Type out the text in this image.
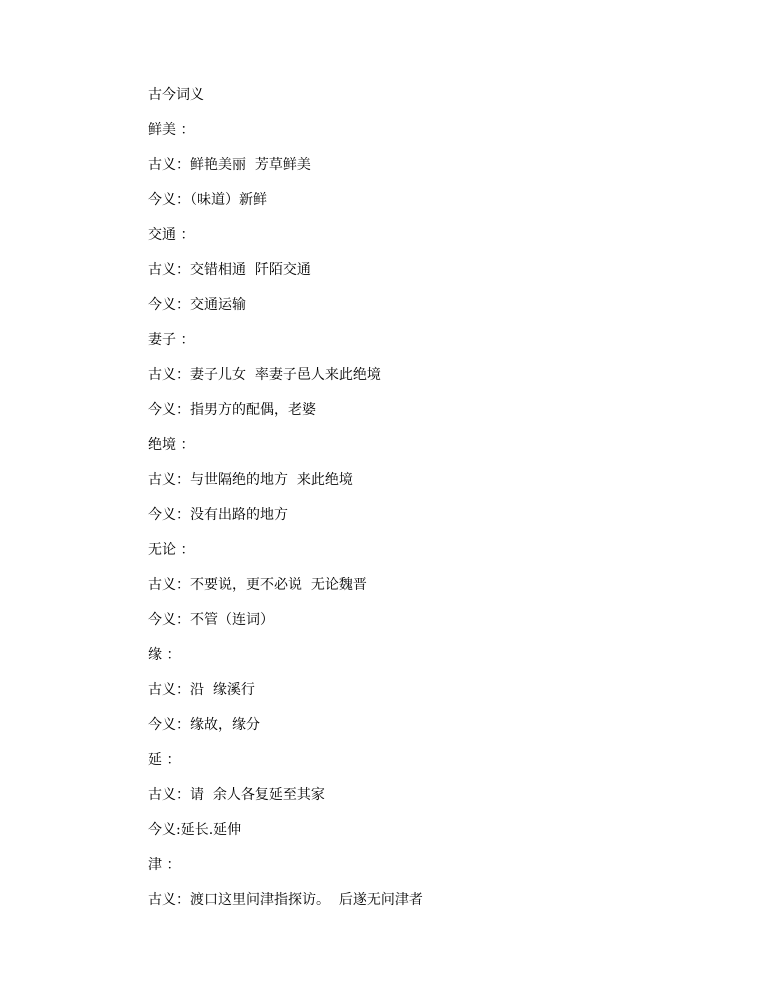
古今词义
鲜美 ：
古义：鲜艳美丽  芳草鲜美
今义：（味道）新鲜
交通 ：
古义：交错相通  阡陌交通
今义：交通运输
妻子 ：
古义：妻子儿女  率妻子邑人来此绝境
今义：指男方的配偶，老婆
绝境 ：
古义：与世隔绝的地方  来此绝境
今义：没有出路的地方
无论 ：
古义：不要说，更不必说  无论魏晋
今义：不管（连词）
缘 ：
古义：沿  缘溪行
今义：缘故，缘分
延 ：
古义：请  余人各复延至其家
今义:延长.延伸
津 ：
古义：渡口这里问津指探访。  后遂无问津者
